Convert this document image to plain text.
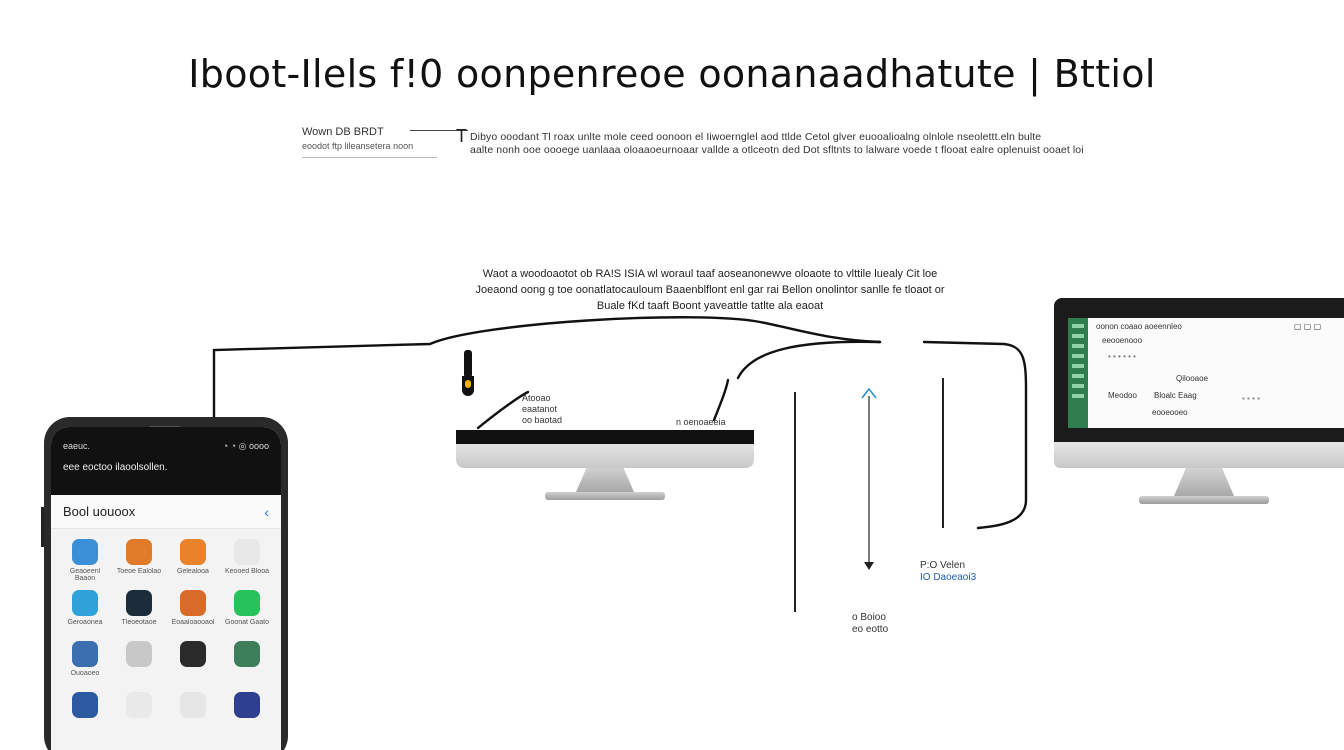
Iboot-Ilels f!0 oonpenreoe oonanaadhatute | Bttiol
Wown DB BRDT
eoodot ftp lileansetera noon	T Dibyo ooodant Tl roax unlte mole ceed oonoon el Iiwoernglel aod ttlde Cetol glver euooalioalng olnlole nseolettt.eln bulte
aalte nonh ooe oooege uanlaaa oloaaoeurnoaar vallde a otlceotn ded Dot sfltnts to lalware voede t flooat ealre oplenuist ooaet loi
Waot a woodoaotot ob RA!S ISIA wl woraul taaf aoseanonewve oloaote to vlttile luealy Cit loe
Joeaond oong g toe oonatlatocauloum Baaenblflont enl gar rai Bellon onolintor sanlle fe tloaot or
Buale fKd taaft Boont yaveattle tatlte ala eaoat
Atooao
eaatanot
oo baotad	n oenoaeeia
oonon coaao aoeennleo	▢ ▢ ▢
eeooenooo
• • • • • •
Qilooaoe
Meodoo Bloalc Eaag	▪ ▪ ▪ ▪
eooeooeo
P:O Velen
IO Daoeaoi3
o Boioo
eo eotto
eaeuc.	◔ ◔ ◎ oooo
eee eoctoo ilaoolsollen.
Bool uouoox	‹
Geaoeenl Baaon
Toeoe Ealolao	Gelealooa	Keooed Blooa
Geroaonea	Tleoeotaoe	Eoaaloaooaol Goonat Gaato
Ouoaoeo
